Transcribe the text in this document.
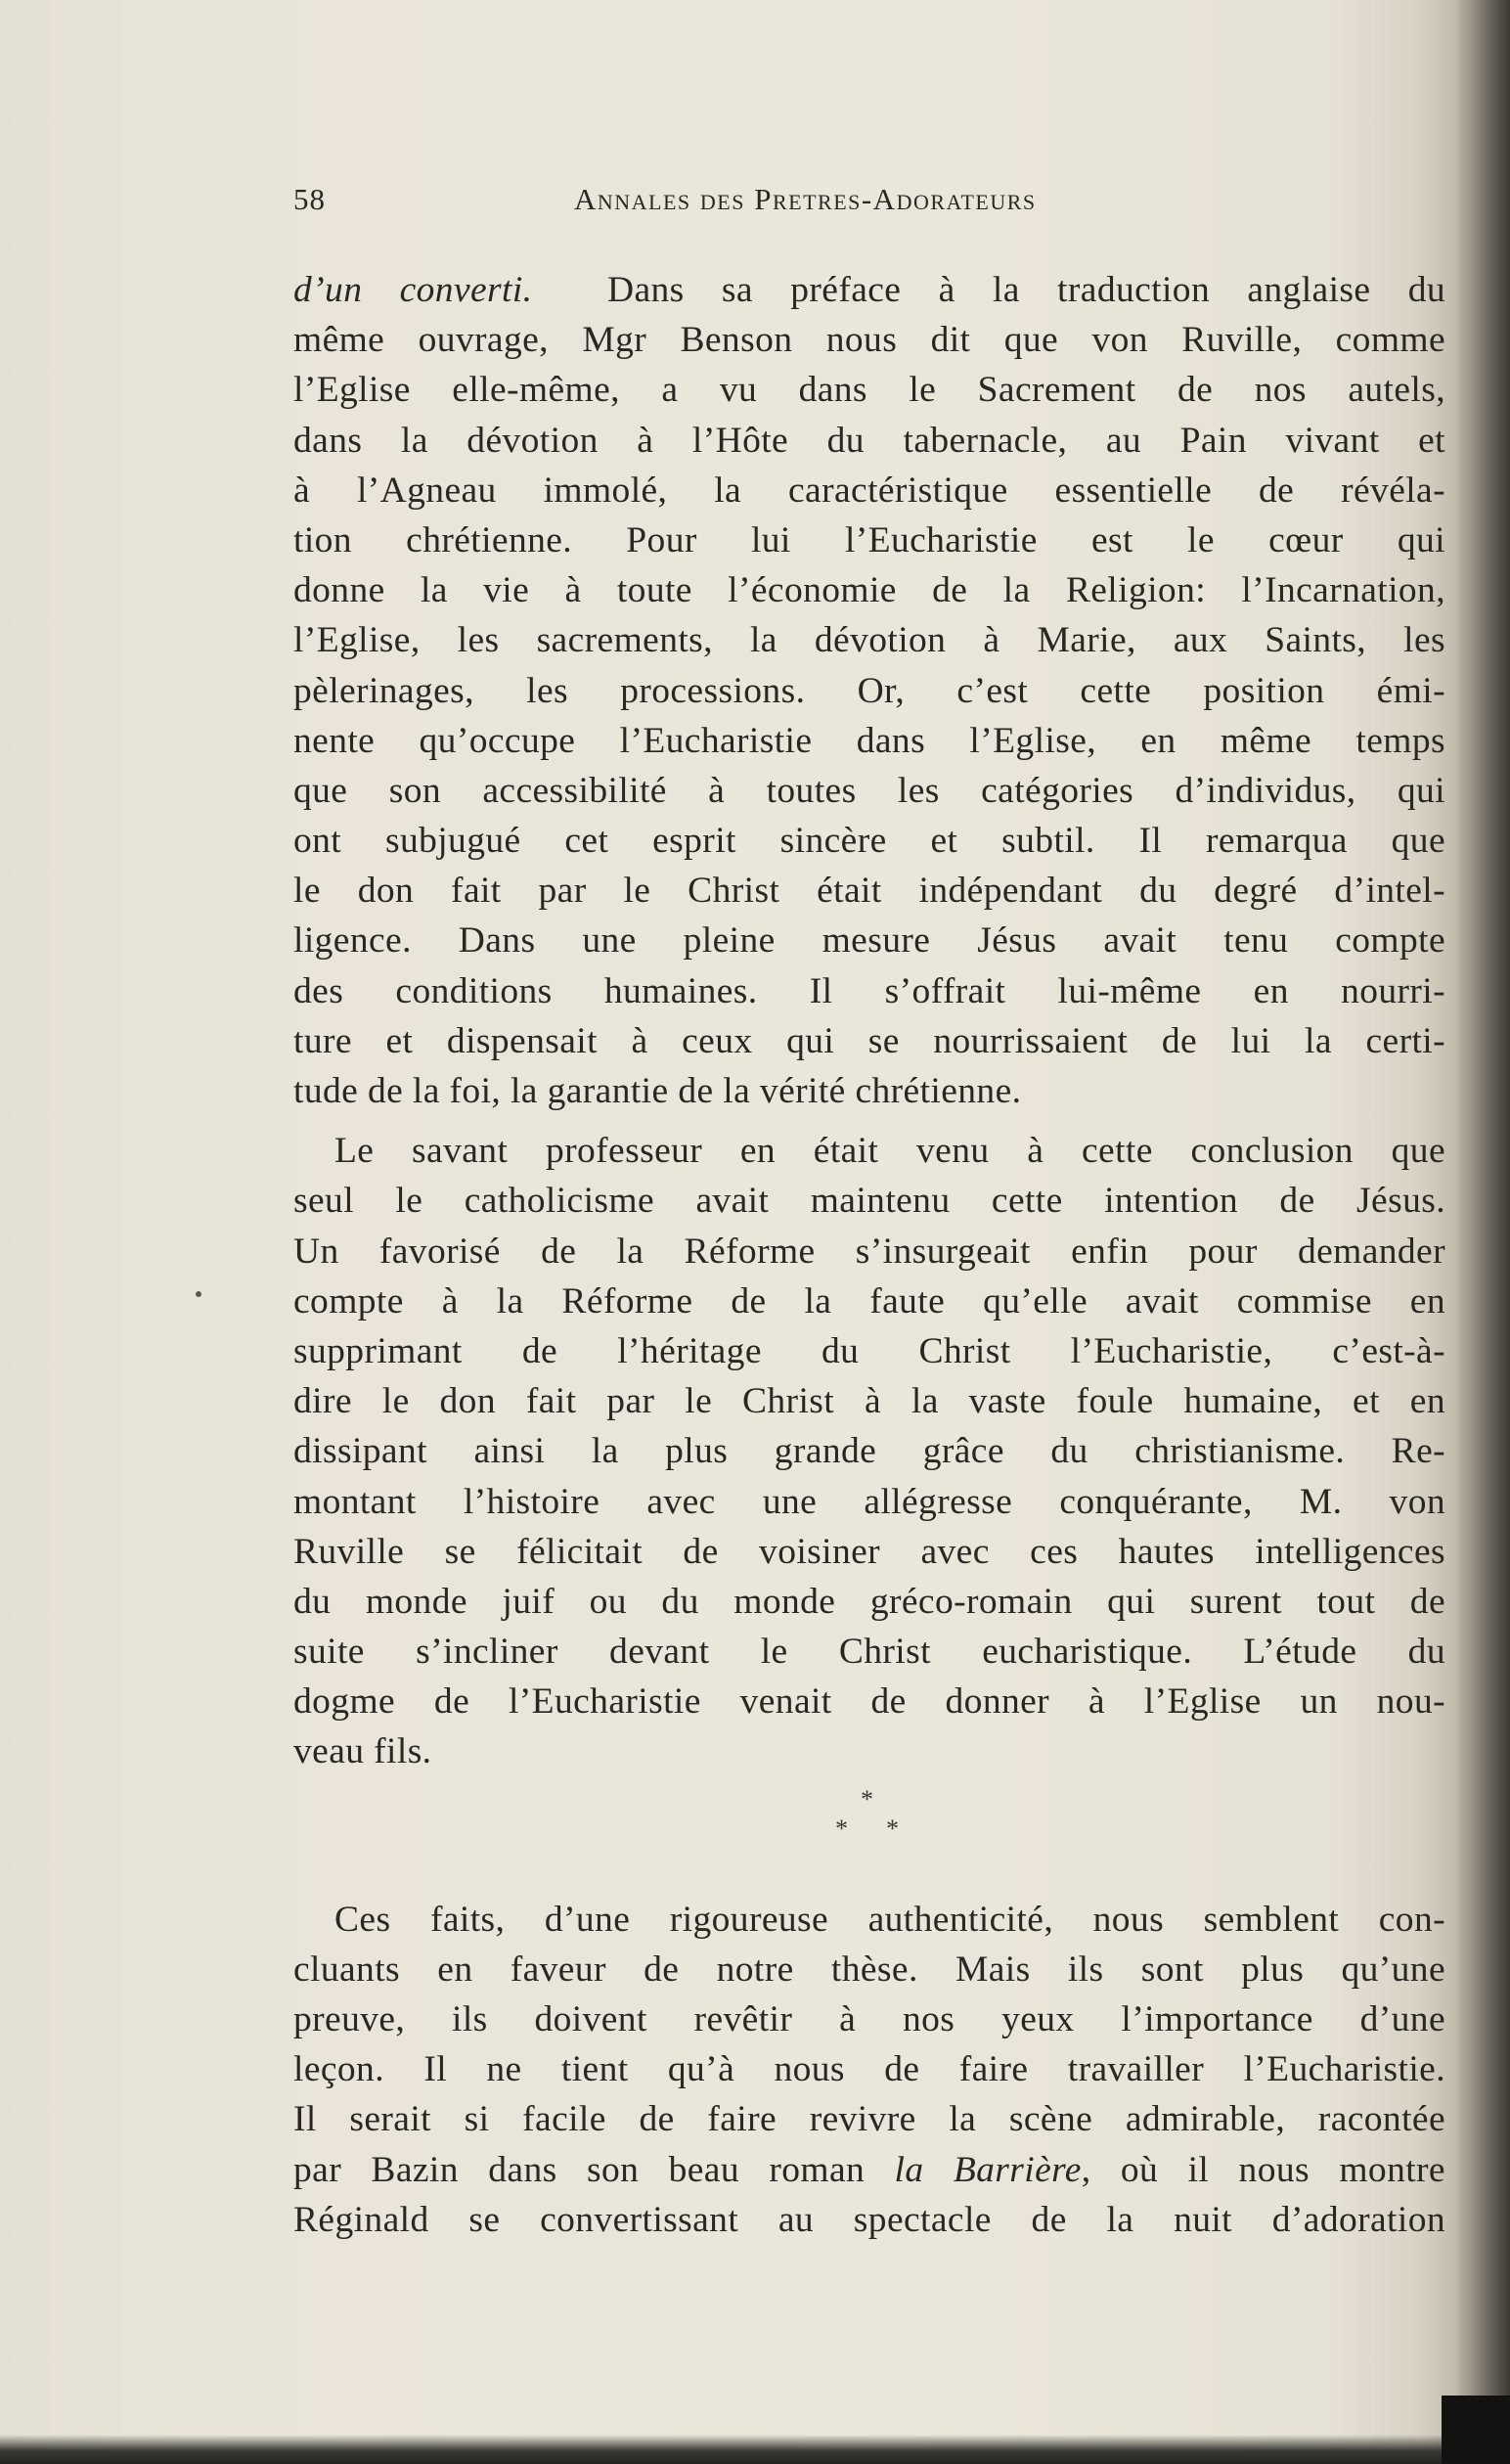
58	Annales des Pretres-Adorateurs
d’un converti.  Dans sa préface à la traduction anglaise du
même ouvrage, Mgr Benson nous dit que von Ruville, comme
l’Eglise elle-même, a vu dans le Sacrement de nos autels,
dans la dévotion à l’Hôte du tabernacle, au Pain vivant et
à l’Agneau immolé, la caractéristique essentielle de révéla-
tion chrétienne. Pour lui l’Eucharistie est le cœur qui
donne la vie à toute l’économie de la Religion: l’Incarnation,
l’Eglise, les sacrements, la dévotion à Marie, aux Saints, les
pèlerinages, les processions. Or, c’est cette position émi-
nente qu’occupe l’Eucharistie dans l’Eglise, en même temps
que son accessibilité à toutes les catégories d’individus, qui
ont subjugué cet esprit sincère et subtil. Il remarqua que
le don fait par le Christ était indépendant du degré d’intel-
ligence. Dans une pleine mesure Jésus avait tenu compte
des conditions humaines. Il s’offrait lui-même en nourri-
ture et dispensait à ceux qui se nourrissaient de lui la certi-
tude de la foi, la garantie de la vérité chrétienne.
Le savant professeur en était venu à cette conclusion que
seul le catholicisme avait maintenu cette intention de Jésus.
Un favorisé de la Réforme s’insurgeait enfin pour demander
compte à la Réforme de la faute qu’elle avait commise en
supprimant de l’héritage du Christ l’Eucharistie, c’est-à-
dire le don fait par le Christ à la vaste foule humaine, et en
dissipant ainsi la plus grande grâce du christianisme. Re-
montant l’histoire avec une allégresse conquérante, M. von
Ruville se félicitait de voisiner avec ces hautes intelligences
du monde juif ou du monde gréco-romain qui surent tout de
suite s’incliner devant le Christ eucharistique. L’étude du
dogme de l’Eucharistie venait de donner à l’Eglise un nou-
veau fils.
*
* *
Ces faits, d’une rigoureuse authenticité, nous semblent con-
cluants en faveur de notre thèse. Mais ils sont plus qu’une
preuve, ils doivent revêtir à nos yeux l’importance d’une
leçon. Il ne tient qu’à nous de faire travailler l’Eucharistie.
Il serait si facile de faire revivre la scène admirable, racontée
par Bazin dans son beau roman la Barrière, où il nous montre
Réginald se convertissant au spectacle de la nuit d’adoration
